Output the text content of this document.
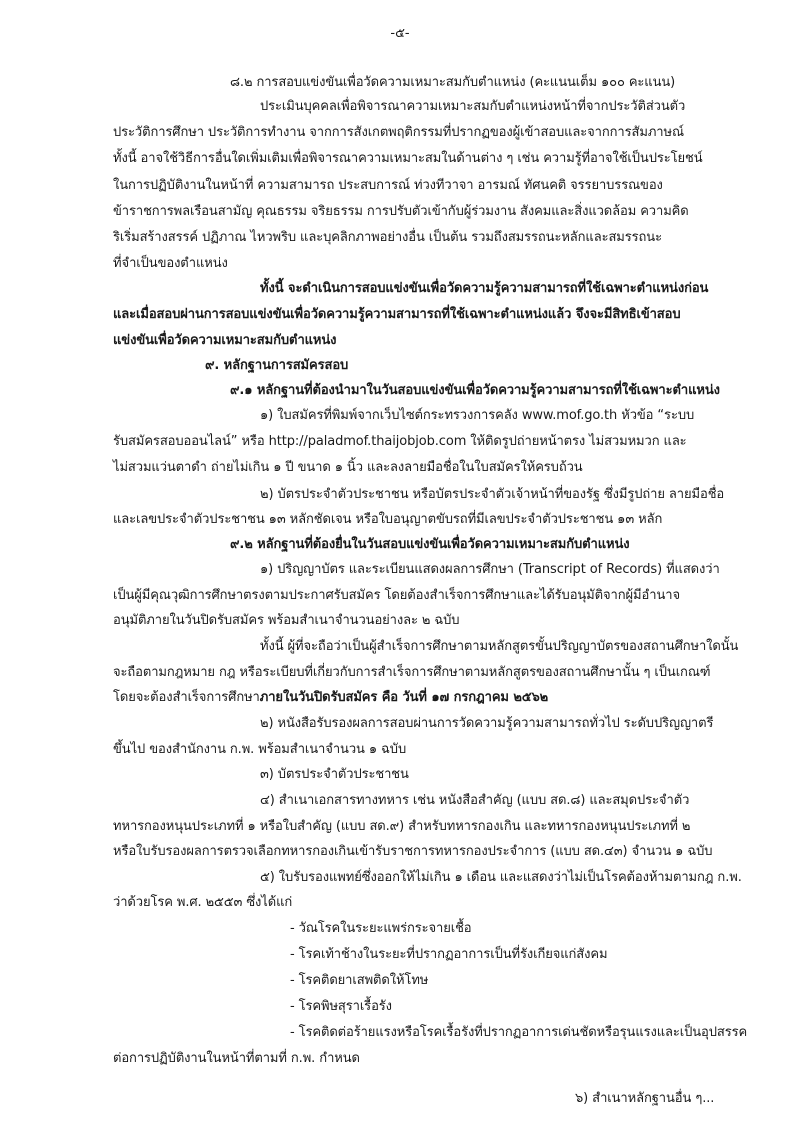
-๕-
๘.๒ การสอบแข่งขันเพื่อวัดความเหมาะสมกับตำแหน่ง (คะแนนเต็ม ๑๐๐ คะแนน)
ประเมินบุคคลเพื่อพิจารณาความเหมาะสมกับตำแหน่งหน้าที่จากประวัติส่วนตัว
ประวัติการศึกษา ประวัติการทำงาน จากการสังเกตพฤติกรรมที่ปรากฏของผู้เข้าสอบและจากการสัมภาษณ์
ทั้งนี้ อาจใช้วิธีการอื่นใดเพิ่มเติมเพื่อพิจารณาความเหมาะสมในด้านต่าง ๆ เช่น ความรู้ที่อาจใช้เป็นประโยชน์
ในการปฏิบัติงานในหน้าที่ ความสามารถ ประสบการณ์ ท่วงทีวาจา อารมณ์ ทัศนคติ จรรยาบรรณของ
ข้าราชการพลเรือนสามัญ คุณธรรม จริยธรรม การปรับตัวเข้ากับผู้ร่วมงาน สังคมและสิ่งแวดล้อม ความคิด
ริเริ่มสร้างสรรค์ ปฏิภาณ ไหวพริบ และบุคลิกภาพอย่างอื่น เป็นต้น รวมถึงสมรรถนะหลักและสมรรถนะ
ที่จำเป็นของตำแหน่ง
ทั้งนี้ จะดำเนินการสอบแข่งขันเพื่อวัดความรู้ความสามารถที่ใช้เฉพาะตำแหน่งก่อน
และเมื่อสอบผ่านการสอบแข่งขันเพื่อวัดความรู้ความสามารถที่ใช้เฉพาะตำแหน่งแล้ว จึงจะมีสิทธิเข้าสอบ
แข่งขันเพื่อวัดความเหมาะสมกับตำแหน่ง
๙. หลักฐานการสมัครสอบ
๙.๑ หลักฐานที่ต้องนำมาในวันสอบแข่งขันเพื่อวัดความรู้ความสามารถที่ใช้เฉพาะตำแหน่ง
๑) ใบสมัครที่พิมพ์จากเว็บไซต์กระทรวงการคลัง www.mof.go.th หัวข้อ “ระบบ
รับสมัครสอบออนไลน์” หรือ http://paladmof.thaijobjob.com ให้ติดรูปถ่ายหน้าตรง ไม่สวมหมวก และ
ไม่สวมแว่นตาดำ ถ่ายไม่เกิน ๑ ปี ขนาด ๑ นิ้ว และลงลายมือชื่อในใบสมัครให้ครบถ้วน
๒) บัตรประจำตัวประชาชน หรือบัตรประจำตัวเจ้าหน้าที่ของรัฐ ซึ่งมีรูปถ่าย ลายมือชื่อ
และเลขประจำตัวประชาชน ๑๓ หลักชัดเจน หรือใบอนุญาตขับรถที่มีเลขประจำตัวประชาชน ๑๓ หลัก
๙.๒ หลักฐานที่ต้องยื่นในวันสอบแข่งขันเพื่อวัดความเหมาะสมกับตำแหน่ง
๑) ปริญญาบัตร และระเบียนแสดงผลการศึกษา (Transcript of Records) ที่แสดงว่า
เป็นผู้มีคุณวุฒิการศึกษาตรงตามประกาศรับสมัคร โดยต้องสำเร็จการศึกษาและได้รับอนุมัติจากผู้มีอำนาจ
อนุมัติภายในวันปิดรับสมัคร พร้อมสำเนาจำนวนอย่างละ ๒ ฉบับ
ทั้งนี้ ผู้ที่จะถือว่าเป็นผู้สำเร็จการศึกษาตามหลักสูตรขั้นปริญญาบัตรของสถานศึกษาใดนั้น
จะถือตามกฎหมาย กฎ หรือระเบียบที่เกี่ยวกับการสำเร็จการศึกษาตามหลักสูตรของสถานศึกษานั้น ๆ เป็นเกณฑ์
โดยจะต้องสำเร็จการศึกษาภายในวันปิดรับสมัคร คือ วันที่ ๑๗ กรกฎาคม ๒๕๖๒
๒) หนังสือรับรองผลการสอบผ่านการวัดความรู้ความสามารถทั่วไป ระดับปริญญาตรี
ขึ้นไป ของสำนักงาน ก.พ. พร้อมสำเนาจำนวน ๑ ฉบับ
๓) บัตรประจำตัวประชาชน
๔) สำเนาเอกสารทางทหาร เช่น หนังสือสำคัญ (แบบ สด.๘) และสมุดประจำตัว
ทหารกองหนุนประเภทที่ ๑ หรือใบสำคัญ (แบบ สด.๙) สำหรับทหารกองเกิน และทหารกองหนุนประเภทที่ ๒
หรือใบรับรองผลการตรวจเลือกทหารกองเกินเข้ารับราชการทหารกองประจำการ (แบบ สด.๔๓) จำนวน ๑ ฉบับ
๕) ใบรับรองแพทย์ซึ่งออกให้ไม่เกิน ๑ เดือน และแสดงว่าไม่เป็นโรคต้องห้ามตามกฎ ก.พ.
ว่าด้วยโรค พ.ศ. ๒๕๕๓ ซึ่งได้แก่
- วัณโรคในระยะแพร่กระจายเชื้อ
- โรคเท้าช้างในระยะที่ปรากฏอาการเป็นที่รังเกียจแก่สังคม
- โรคติดยาเสพติดให้โทษ
- โรคพิษสุราเรื้อรัง
- โรคติดต่อร้ายแรงหรือโรคเรื้อรังที่ปรากฏอาการเด่นชัดหรือรุนแรงและเป็นอุปสรรค
ต่อการปฏิบัติงานในหน้าที่ตามที่ ก.พ. กำหนด
๖) สำเนาหลักฐานอื่น ๆ...
